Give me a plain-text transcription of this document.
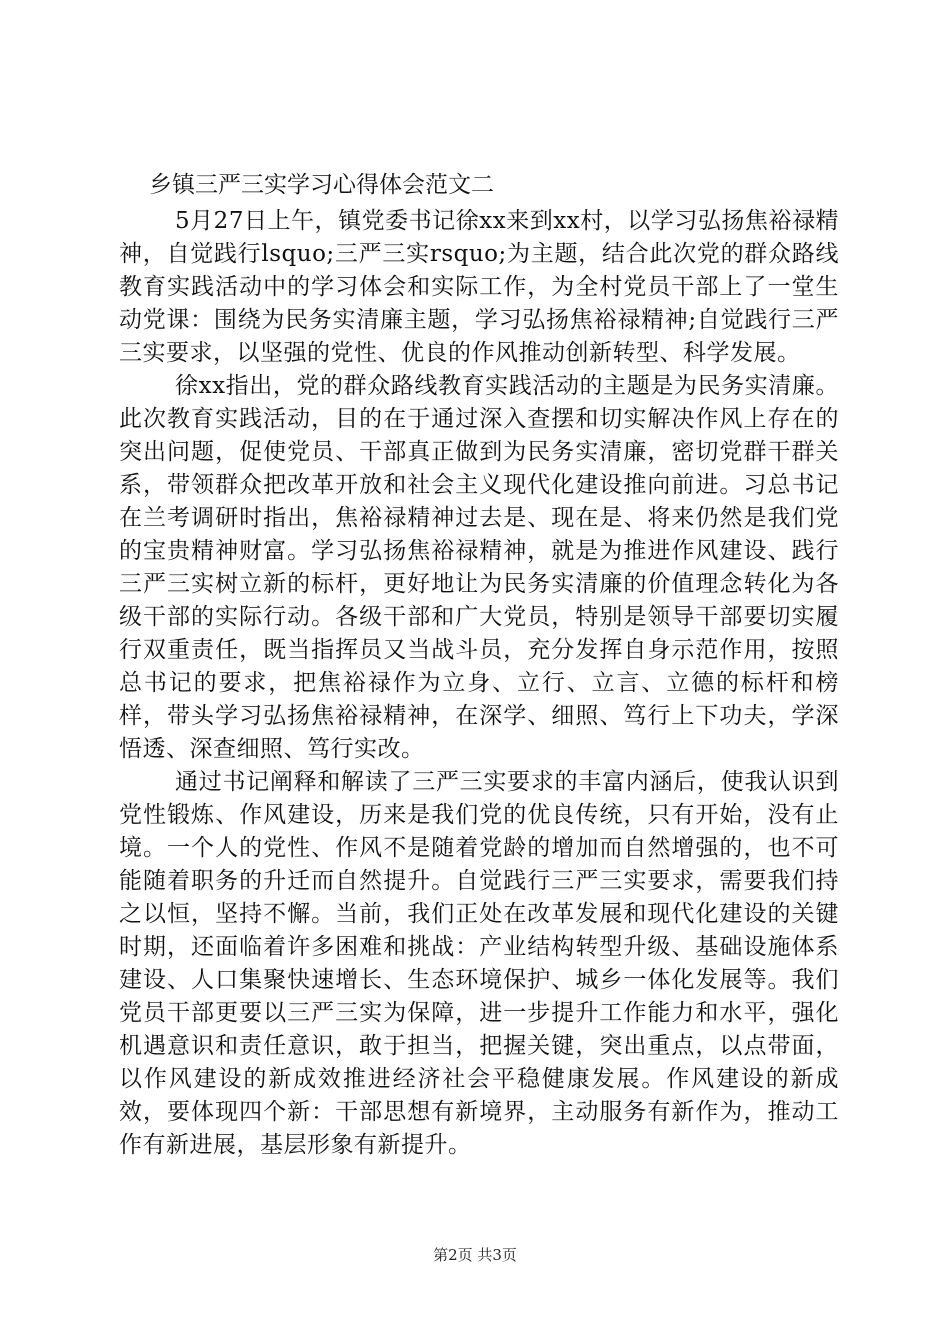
乡镇三严三实学习心得体会范文二

5月27日上午，镇党委书记徐xx来到xx村，以学习弘扬焦裕禄精神，自觉践行lsquo;三严三实rsquo;为主题，结合此次党的群众路线教育实践活动中的学习体会和实际工作，为全村党员干部上了一堂生动党课：围绕为民务实清廉主题，学习弘扬焦裕禄精神;自觉践行三严三实要求，以坚强的党性、优良的作风推动创新转型、科学发展。

徐xx指出，党的群众路线教育实践活动的主题是为民务实清廉。此次教育实践活动，目的在于通过深入查摆和切实解决作风上存在的突出问题，促使党员、干部真正做到为民务实清廉，密切党群干群关系，带领群众把改革开放和社会主义现代化建设推向前进。习总书记在兰考调研时指出，焦裕禄精神过去是、现在是、将来仍然是我们党的宝贵精神财富。学习弘扬焦裕禄精神，就是为推进作风建设、践行三严三实树立新的标杆，更好地让为民务实清廉的价值理念转化为各级干部的实际行动。各级干部和广大党员，特别是领导干部要切实履行双重责任，既当指挥员又当战斗员，充分发挥自身示范作用，按照总书记的要求，把焦裕禄作为立身、立行、立言、立德的标杆和榜样，带头学习弘扬焦裕禄精神，在深学、细照、笃行上下功夫，学深悟透、深查细照、笃行实改。

通过书记阐释和解读了三严三实要求的丰富内涵后，使我认识到党性锻炼、作风建设，历来是我们党的优良传统，只有开始，没有止境。一个人的党性、作风不是随着党龄的增加而自然增强的，也不可能随着职务的升迁而自然提升。自觉践行三严三实要求，需要我们持之以恒，坚持不懈。当前，我们正处在改革发展和现代化建设的关键时期，还面临着许多困难和挑战：产业结构转型升级、基础设施体系建设、人口集聚快速增长、生态环境保护、城乡一体化发展等。我们党员干部更要以三严三实为保障，进一步提升工作能力和水平，强化机遇意识和责任意识，敢于担当，把握关键，突出重点，以点带面，以作风建设的新成效推进经济社会平稳健康发展。作风建设的新成效，要体现四个新：干部思想有新境界，主动服务有新作为，推动工作有新进展，基层形象有新提升。

第2页 共3页
